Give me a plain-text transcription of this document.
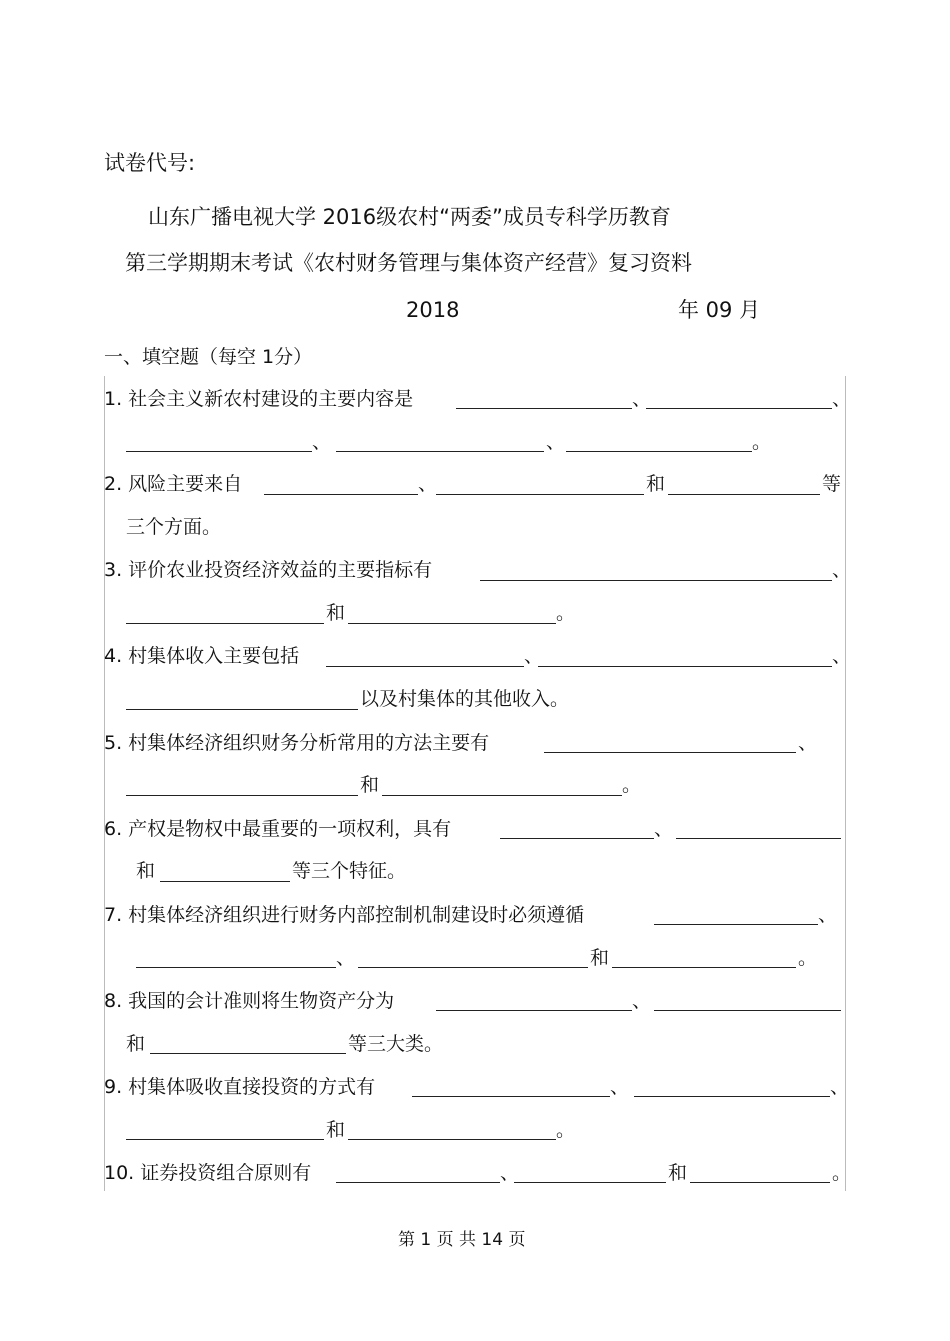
试卷代号:
山东广播电视大学 2016级农村“两委”成员专科学历教育
第三学期期末考试《农村财务管理与集体资产经营》复习资料
2018	年 09 月
一、填空题（每空 1分）
1. 社会主义新农村建设的主要内容是	、	、
、	、	。
2. 风险主要来自	、	和	等
三个方面。
3. 评价农业投资经济效益的主要指标有	、
和	。
4. 村集体收入主要包括	、	、
以及村集体的其他收入。
5. 村集体经济组织财务分析常用的方法主要有	、
和	。
6. 产权是物权中最重要的一项权利，具有	、
和	等三个特征。
7. 村集体经济组织进行财务内部控制机制建设时必须遵循	、
、	和	。
8. 我国的会计准则将生物资产分为	、
和	等三大类。
9. 村集体吸收直接投资的方式有	、	、
和	。
10. 证券投资组合原则有	、	和	。
第 1 页 共 14 页
